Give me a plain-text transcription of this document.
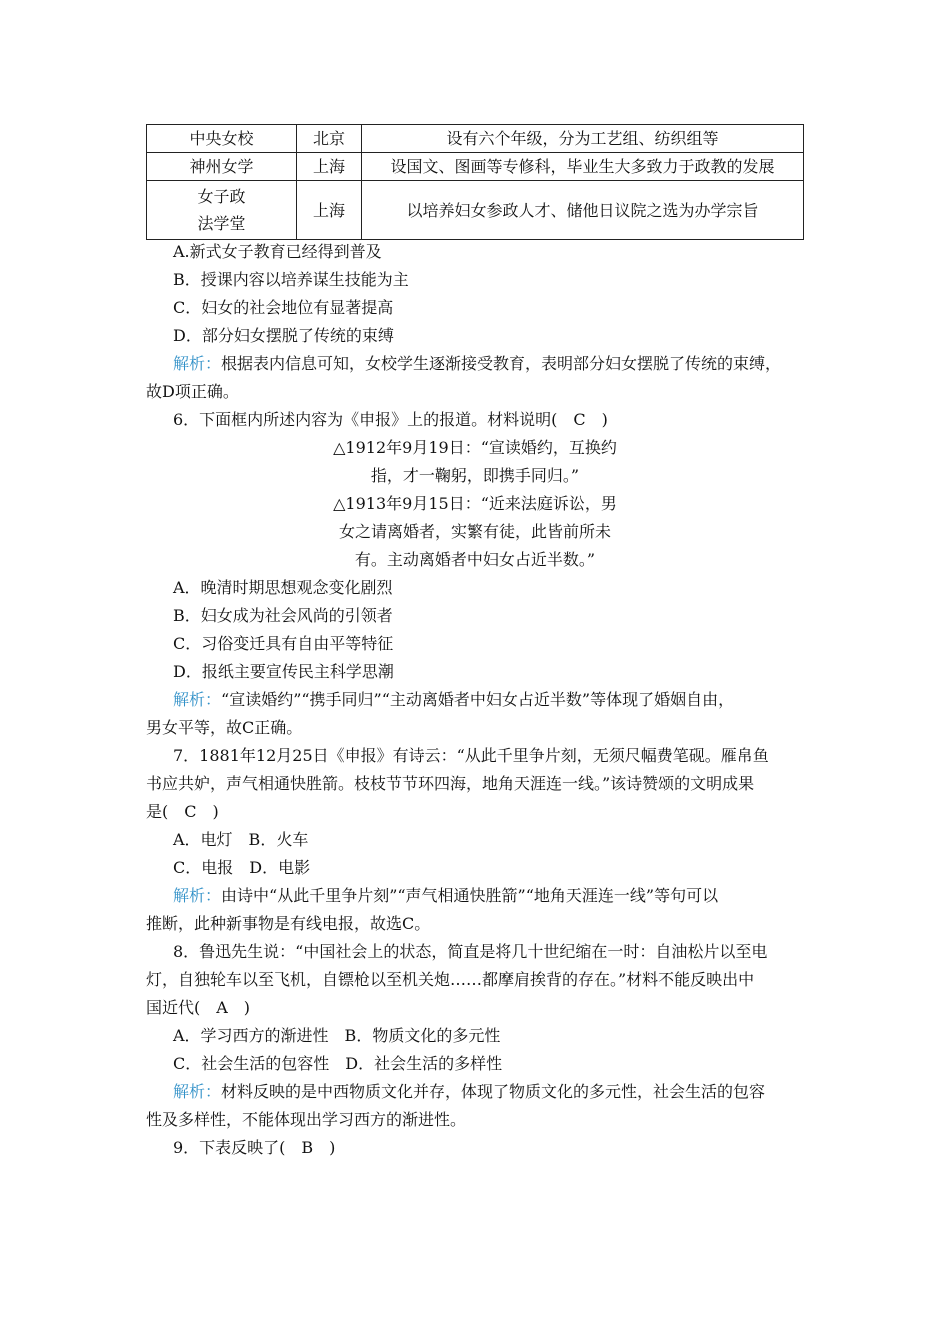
中央女校	北京	设有六个年级，分为工艺组、纺织组等
神州女学	上海	设国文、图画等专修科，毕业生大多致力于政教的发展

女子政
法学堂	上海	以培养妇女参政人才、储他日议院之选为办学宗旨
A.新式女子教育已经得到普及
B．授课内容以培养谋生技能为主
C．妇女的社会地位有显著提高
D．部分妇女摆脱了传统的束缚
解析：根据表内信息可知，女校学生逐渐接受教育，表明部分妇女摆脱了传统的束缚，
故D项正确。
6．下面框内所述内容为《申报》上的报道。材料说明(　C　)
△1912年9月19日：“宣读婚约，互换约
指，才一鞠躬，即携手同归。”
△1913年9月15日：“近来法庭诉讼，男
女之请离婚者，实繁有徒，此皆前所未
有。主动离婚者中妇女占近半数。”
A．晚清时期思想观念变化剧烈
B．妇女成为社会风尚的引领者
C．习俗变迁具有自由平等特征
D．报纸主要宣传民主科学思潮
解析：“宣读婚约”“携手同归”“主动离婚者中妇女占近半数”等体现了婚姻自由，
男女平等，故C正确。
7．1881年12月25日《申报》有诗云：“从此千里争片刻，无须尺幅费笔砚。雁帛鱼
书应共妒，声气相通快胜箭。枝枝节节环四海，地角天涯连一线。”该诗赞颂的文明成果
是(　C　)
A．电灯　B．火车
C．电报　D．电影
解析：由诗中“从此千里争片刻”“声气相通快胜箭”“地角天涯连一线”等句可以
推断，此种新事物是有线电报，故选C。
8．鲁迅先生说：“中国社会上的状态，简直是将几十世纪缩在一时：自油松片以至电
灯，自独轮车以至飞机，自镖枪以至机关炮……都摩肩挨背的存在。”材料不能反映出中
国近代(　A　)
A．学习西方的渐进性　B．物质文化的多元性
C．社会生活的包容性　D．社会生活的多样性
解析：材料反映的是中西物质文化并存，体现了物质文化的多元性，社会生活的包容
性及多样性，不能体现出学习西方的渐进性。
9．下表反映了(　B　)
